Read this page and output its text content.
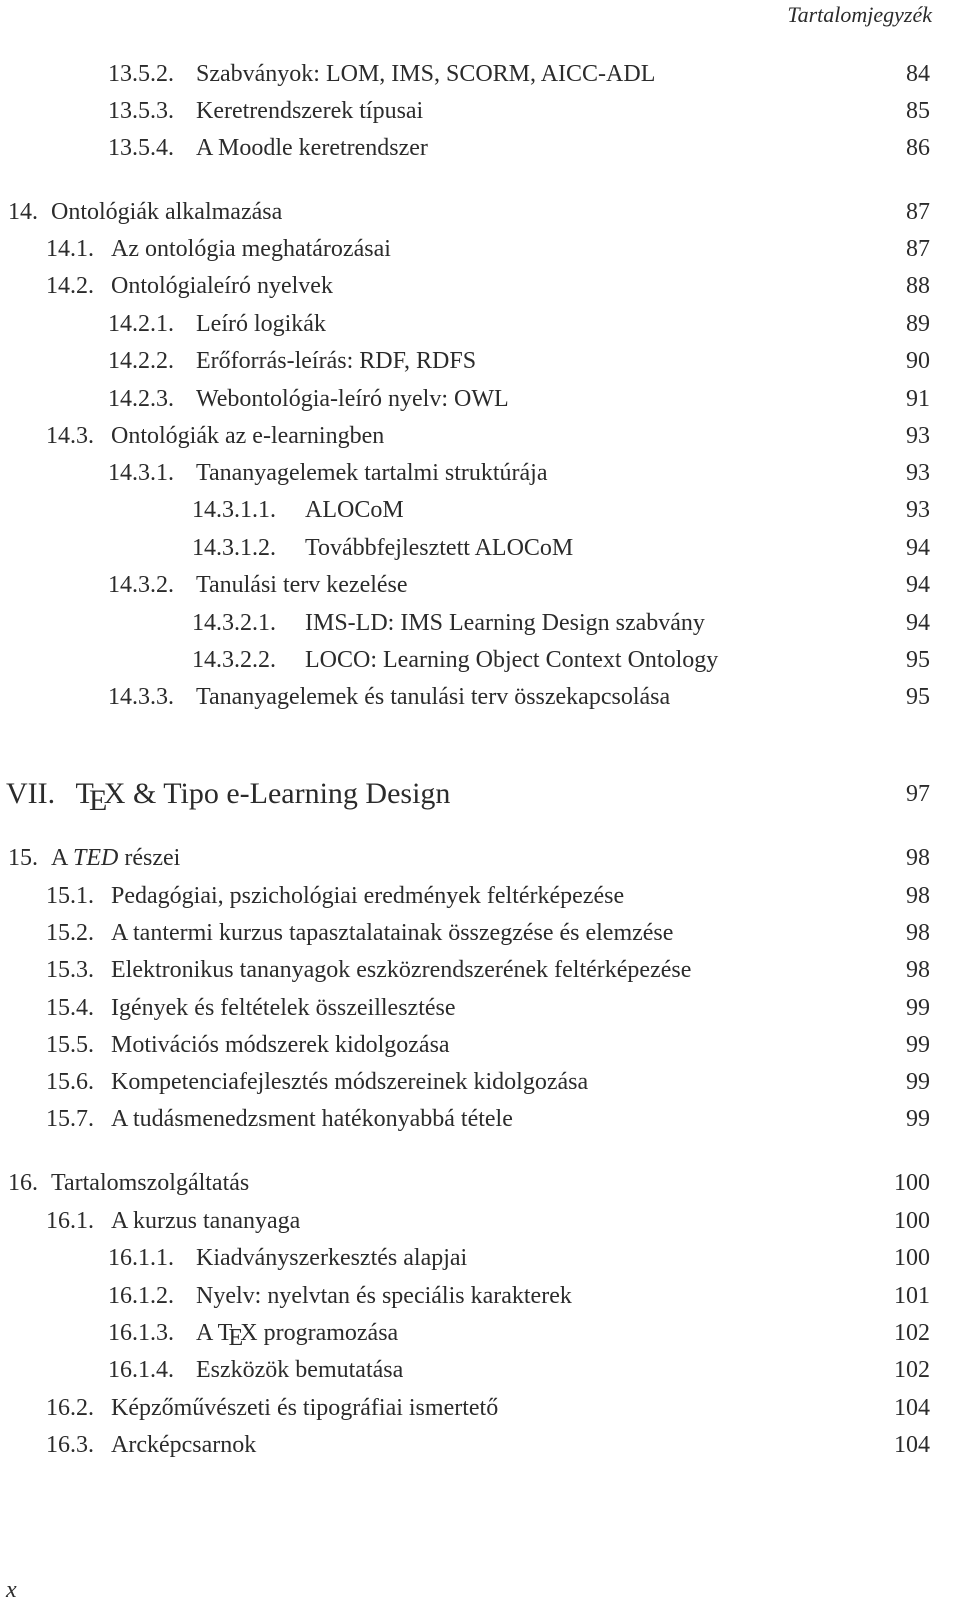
Tartalomjegyzék
13.5.2. Szabványok: LOM, IMS, SCORM, AICC-ADL	84
13.5.3. Keretrendszerek típusai	85
13.5.4. A Moodle keretrendszer	86
14. Ontológiák alkalmazása	87
14.1. Az ontológia meghatározásai	87
14.2. Ontológialeíró nyelvek	88
14.2.1. Leíró logikák	89
14.2.2. Erőforrás-leírás: RDF, RDFS	90
14.2.3. Webontológia-leíró nyelv: OWL	91
14.3. Ontológiák az e-learningben	93
14.3.1. Tananyagelemek tartalmi struktúrája	93
14.3.1.1. ALOCoM	93
14.3.1.2. Továbbfejlesztett ALOCoM	94
14.3.2. Tanulási terv kezelése	94
14.3.2.1. IMS-LD: IMS Learning Design szabvány	94
14.3.2.2. LOCO: Learning Object Context Ontology	95
14.3.3. Tananyagelemek és tanulási terv összekapcsolása	95
VII. TEX & Tipo e-Learning Design	97
15. A TED részei	98
15.1. Pedagógiai, pszichológiai eredmények feltérképezése	98
15.2. A tantermi kurzus tapasztalatainak összegzése és elemzése	98
15.3. Elektronikus tananyagok eszközrendszerének feltérképezése	98
15.4. Igények és feltételek összeillesztése	99
15.5. Motivációs módszerek kidolgozása	99
15.6. Kompetenciafejlesztés módszereinek kidolgozása	99
15.7. A tudásmenedzsment hatékonyabbá tétele	99
16. Tartalomszolgáltatás	100
16.1. A kurzus tananyaga	100
16.1.1. Kiadványszerkesztés alapjai	100
16.1.2. Nyelv: nyelvtan és speciális karakterek	101
16.1.3. A TEX programozása	102
16.1.4. Eszközök bemutatása	102
16.2. Képzőművészeti és tipográfiai ismertető	104
16.3. Arcképcsarnok	104
x
